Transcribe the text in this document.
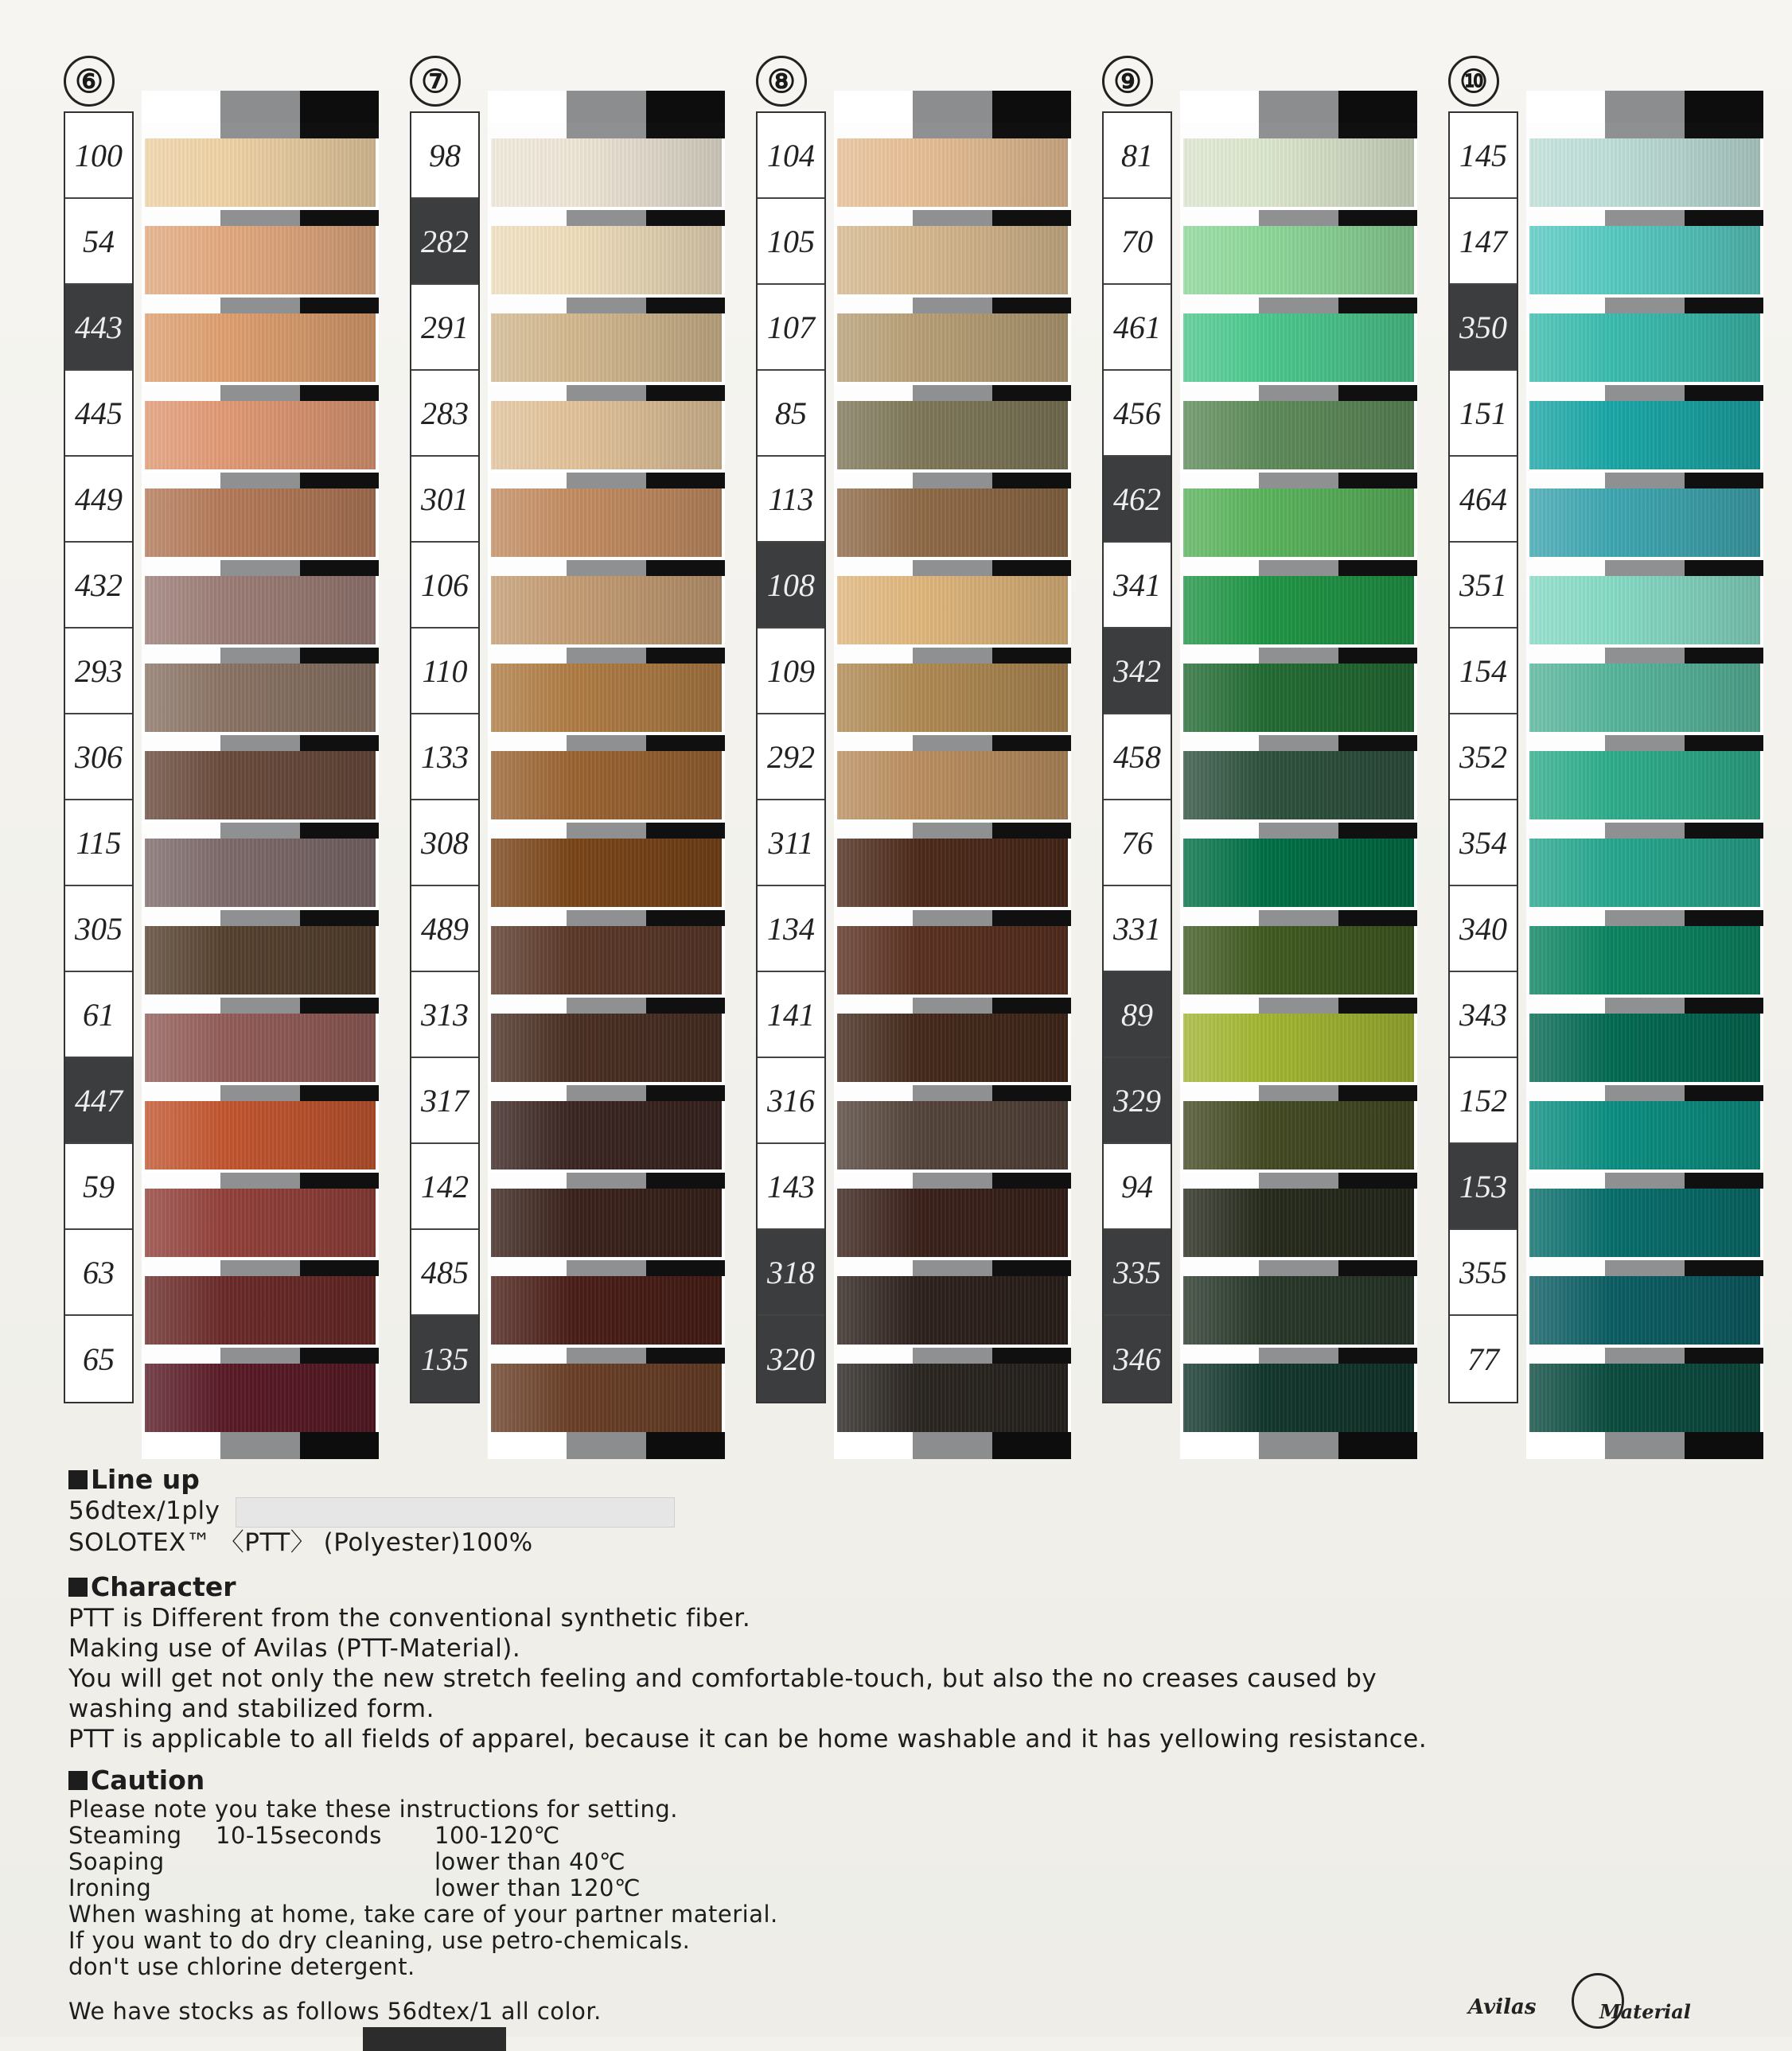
⑥
100
54
443
445
449
432
293
306
115
305
61
447
59
63
65
⑦
98
282
291
283
301
106
110
133
308
489
313
317
142
485
135
⑧
104
105
107
85
113
108
109
292
311
134
141
316
143
318
320
⑨
81
70
461
456
462
341
342
458
76
331
89
329
94
335
346
⑩
145
147
350
151
464
351
154
352
354
340
343
152
153
355
77

Line up

56dtex/1ply

SOLOTEX™ 〈PTT〉 (Polyester)100%

Character

PTT is Different from the conventional synthetic fiber.

Making use of Avilas (PTT-Material).

You will get not only the new stretch feeling and comfortable-touch, but also the no creases caused by

washing and stabilized form.

PTT is applicable to all fields of apparel, because it can be home washable and it has yellowing resistance.

Caution

Please note you take these instructions for setting.

Steaming 10-15seconds 100-120℃

Soaping	lower than 40℃

Ironing	lower than 120℃

When washing at home, take care of your partner material.

If you want to do dry cleaning, use petro-chemicals.

don't use chlorine detergent.

We have stocks as follows 56dtex/1 all color.	Avilas	Material
